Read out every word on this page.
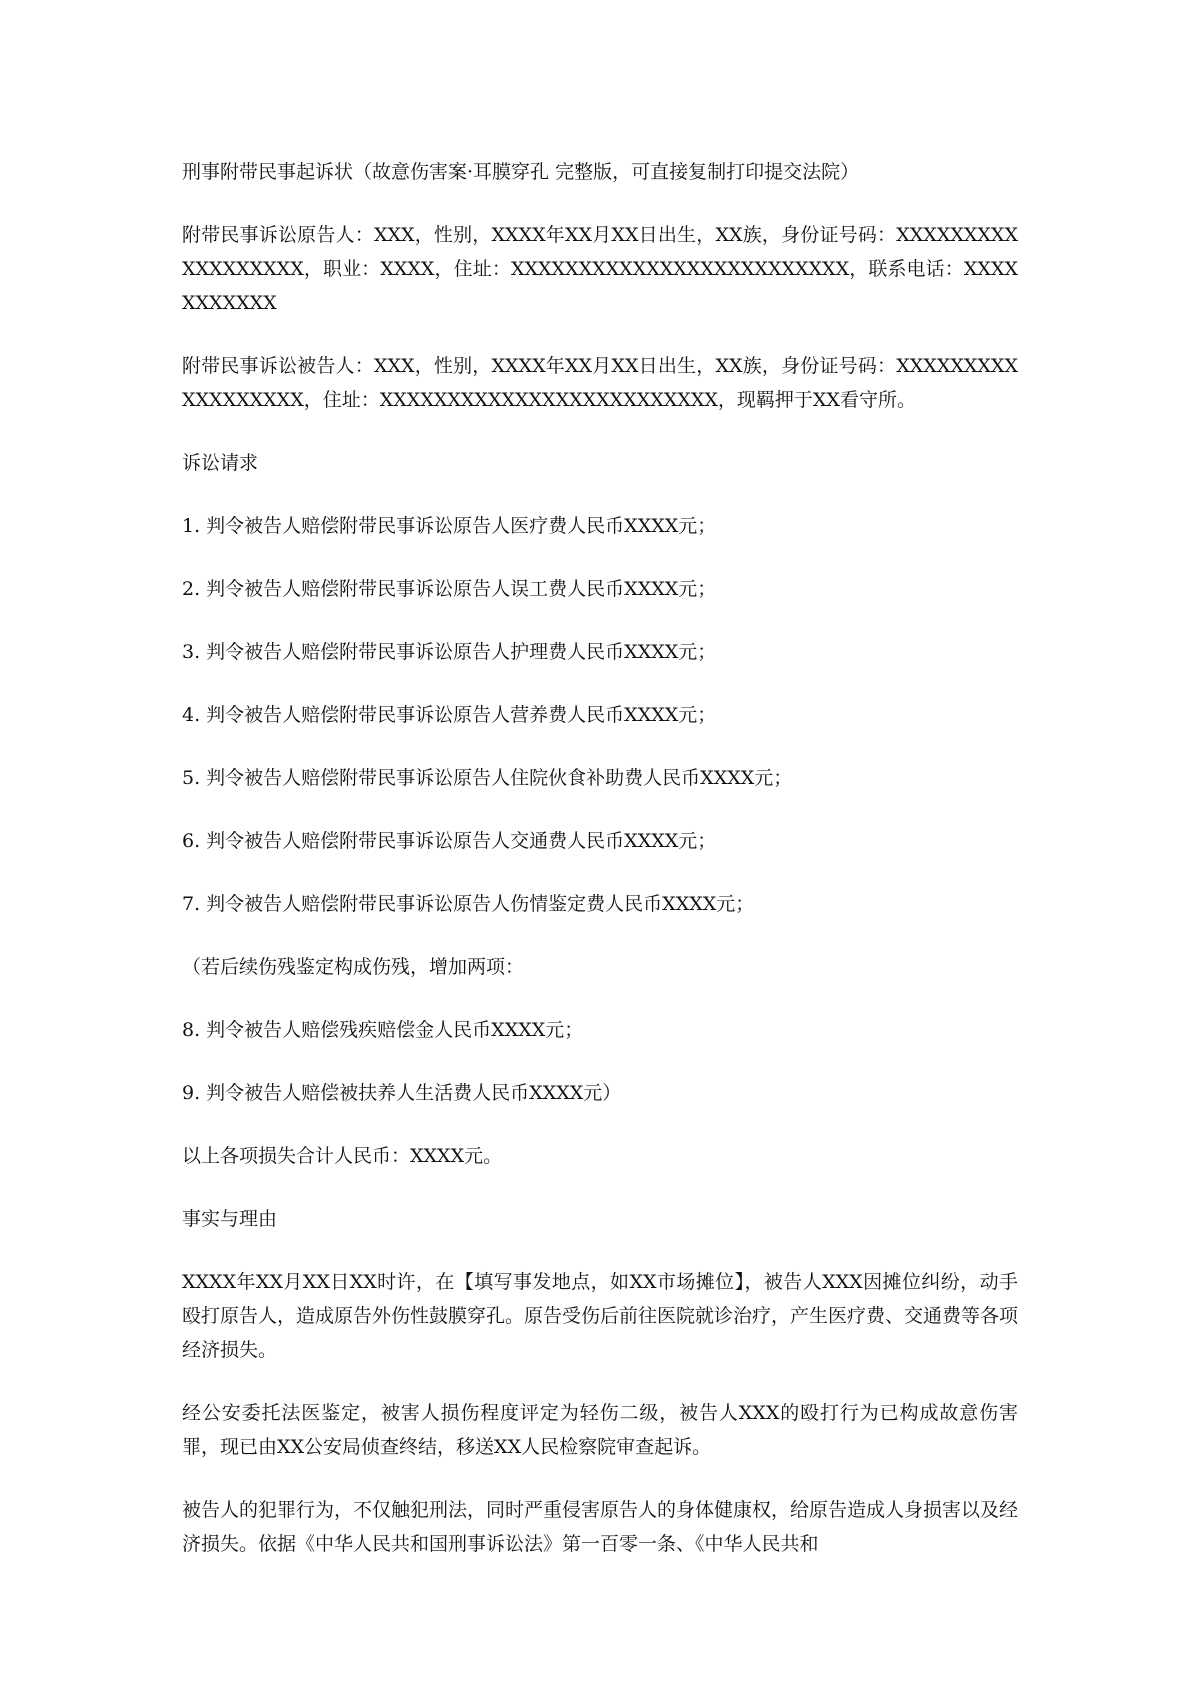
刑事附带民事起诉状（故意伤害案·耳膜穿孔 完整版，可直接复制打印提交法院）

附带民事诉讼原告人：XXX，性别，XXXX年XX月XX日出生，XX族，身份证号码：XXXXXXXXXXXXXXXXXX，职业：XXXX，住址：XXXXXXXXXXXXXXXXXXXXXXXXX，联系电话：XXXXXXXXXXX

附带民事诉讼被告人：XXX，性别，XXXX年XX月XX日出生，XX族，身份证号码：XXXXXXXXXXXXXXXXXX，住址：XXXXXXXXXXXXXXXXXXXXXXXXX，现羁押于XX看守所。

诉讼请求

1. 判令被告人赔偿附带民事诉讼原告人医疗费人民币XXXX元；

2. 判令被告人赔偿附带民事诉讼原告人误工费人民币XXXX元；

3. 判令被告人赔偿附带民事诉讼原告人护理费人民币XXXX元；

4. 判令被告人赔偿附带民事诉讼原告人营养费人民币XXXX元；

5. 判令被告人赔偿附带民事诉讼原告人住院伙食补助费人民币XXXX元；

6. 判令被告人赔偿附带民事诉讼原告人交通费人民币XXXX元；

7. 判令被告人赔偿附带民事诉讼原告人伤情鉴定费人民币XXXX元；

（若后续伤残鉴定构成伤残，增加两项：

8. 判令被告人赔偿残疾赔偿金人民币XXXX元；

9. 判令被告人赔偿被扶养人生活费人民币XXXX元）

以上各项损失合计人民币：XXXX元。

事实与理由

XXXX年XX月XX日XX时许，在【填写事发地点，如XX市场摊位】，被告人XXX因摊位纠纷，动手殴打原告人，造成原告外伤性鼓膜穿孔。原告受伤后前往医院就诊治疗，产生医疗费、交通费等各项经济损失。

经公安委托法医鉴定，被害人损伤程度评定为轻伤二级，被告人XXX的殴打行为已构成故意伤害罪，现已由XX公安局侦查终结，移送XX人民检察院审查起诉。

被告人的犯罪行为，不仅触犯刑法，同时严重侵害原告人的身体健康权，给原告造成人身损害以及经济损失。依据《中华人民共和国刑事诉讼法》第一百零一条、《中华人民共和
